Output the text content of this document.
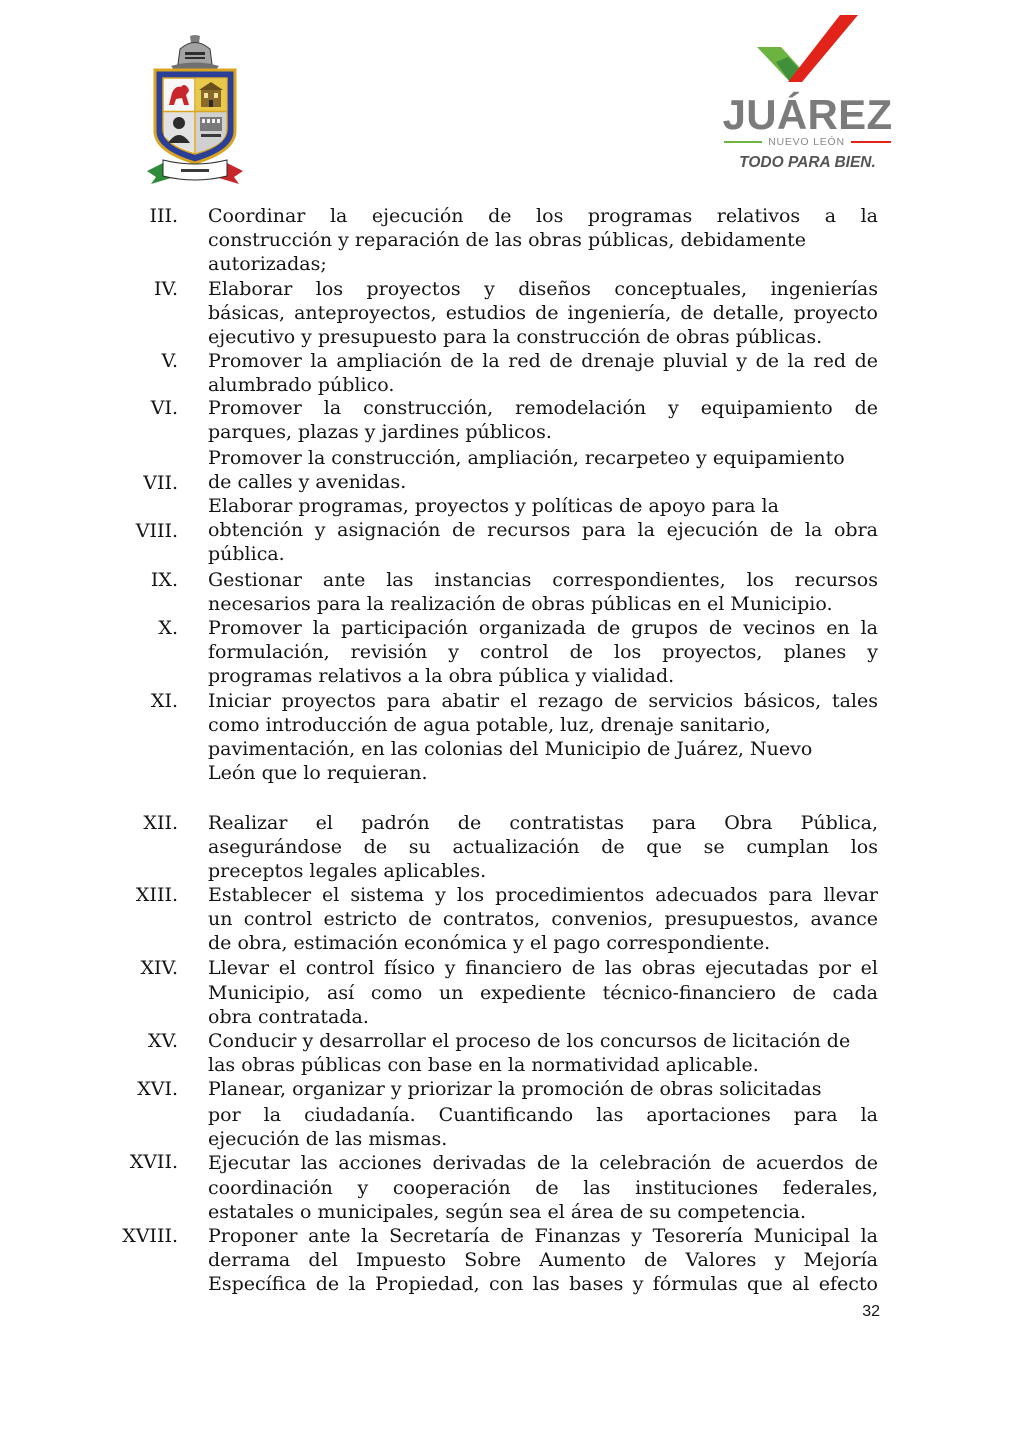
JUÁREZ
NUEVO LEÓN
TODO PARA BIEN.
III. Coordinar la ejecución de los programas relativos a la
construcción y reparación de las obras públicas, debidamente
autorizadas;
IV. Elaborar los proyectos y diseños conceptuales, ingenierías
básicas, anteproyectos, estudios de ingeniería, de detalle, proyecto
ejecutivo y presupuesto para la construcción de obras públicas.
V. Promover la ampliación de la red de drenaje pluvial y de la red de
alumbrado público.
VI. Promover la construcción, remodelación y equipamiento de
parques, plazas y jardines públicos.
VII.
Promover la construcción, ampliación, recarpeteo y equipamiento
de calles y avenidas.
VIII.
Elaborar programas, proyectos y políticas de apoyo para la
obtención y asignación de recursos para la ejecución de la obra
pública.
IX. Gestionar ante las instancias correspondientes, los recursos
necesarios para la realización de obras públicas en el Municipio.
X. Promover la participación organizada de grupos de vecinos en la
formulación, revisión y control de los proyectos, planes y
programas relativos a la obra pública y vialidad.
XI. Iniciar proyectos para abatir el rezago de servicios básicos, tales
como introducción de agua potable, luz, drenaje sanitario,
pavimentación, en las colonias del Municipio de Juárez, Nuevo
León que lo requieran.
XII. Realizar el padrón de contratistas para Obra Pública,
asegurándose de su actualización de que se cumplan los
preceptos legales aplicables.
XIII. Establecer el sistema y los procedimientos adecuados para llevar
un control estricto de contratos, convenios, presupuestos, avance
de obra, estimación económica y el pago correspondiente.
XIV. Llevar el control físico y financiero de las obras ejecutadas por el
Municipio, así como un expediente técnico-financiero de cada
obra contratada.
XV. Conducir y desarrollar el proceso de los concursos de licitación de
las obras públicas con base en la normatividad aplicable.
XVI. Planear, organizar y priorizar la promoción de obras solicitadas
por la ciudadanía. Cuantificando las aportaciones para la
ejecución de las mismas.
XVII. Ejecutar las acciones derivadas de la celebración de acuerdos de
coordinación y cooperación de las instituciones federales,
estatales o municipales, según sea el área de su competencia.
XVIII. Proponer ante la Secretaría de Finanzas y Tesorería Municipal la
derrama del Impuesto Sobre Aumento de Valores y Mejoría
Específica de la Propiedad, con las bases y fórmulas que al efecto
32
